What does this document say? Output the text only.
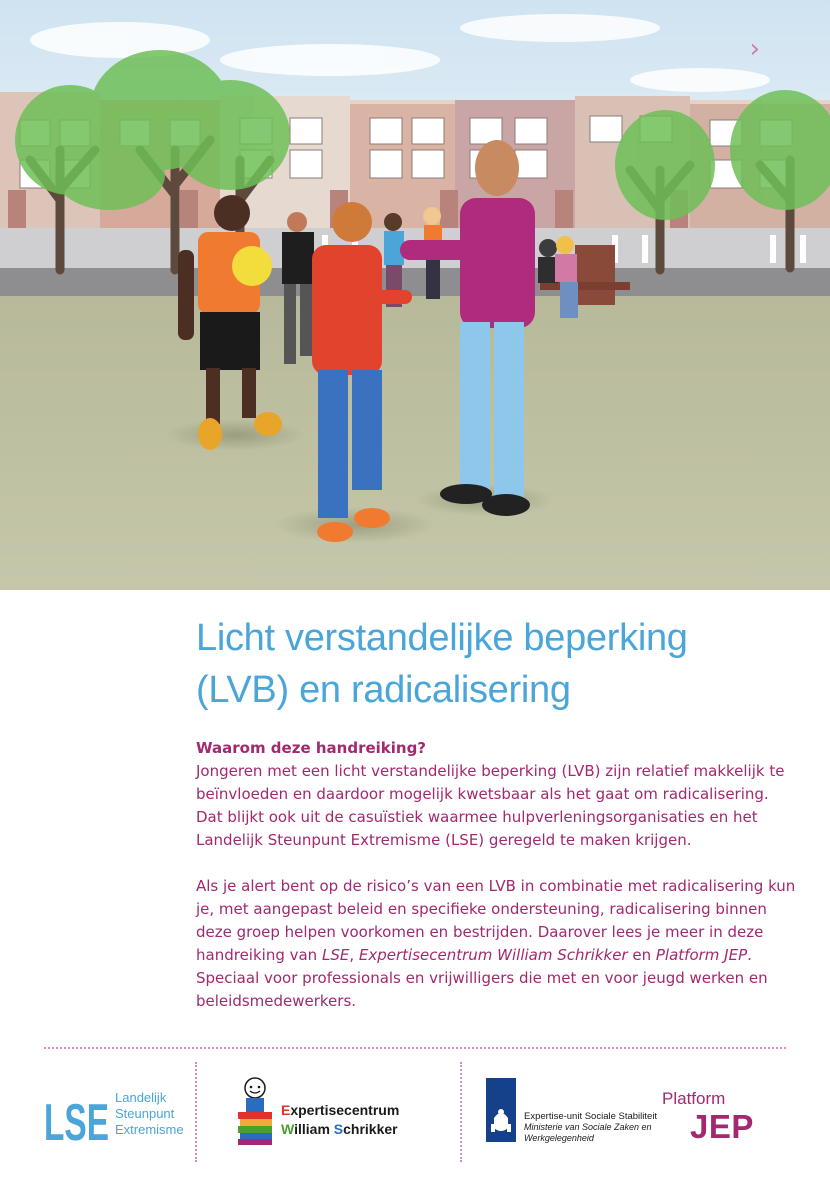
›
Licht verstandelijke beperking
(LVB) en radicalisering
Waarom deze handreiking?

Jongeren met een licht verstandelijke beperking (LVB) zijn relatief makkelijk te beïnvloeden en daardoor mogelijk kwetsbaar als het gaat om radicalisering. Dat blijkt ook uit de casuïstiek waarmee hulpverleningsorganisaties en het Landelijk Steunpunt Extremisme (LSE) geregeld te maken krijgen.

Als je alert bent op de risico’s van een LVB in combinatie met radicalisering kun je, met aangepast beleid en specifieke ondersteuning, radicalisering binnen deze groep helpen voorkomen en bestrijden. Daarover lees je meer in deze handreiking van LSE, Expertisecentrum William Schrikker en Platform JEP. Speciaal voor professionals en vrijwilligers die met en voor jeugd werken en beleidsmedewerkers.

LSE Landelijk
Steunpunt
Extremisme
Expertisecentrum
William Schrikker
Expertise-unit Sociale Stabiliteit
Ministerie van Sociale Zaken en
Werkgelegenheid
Platform
JEP
